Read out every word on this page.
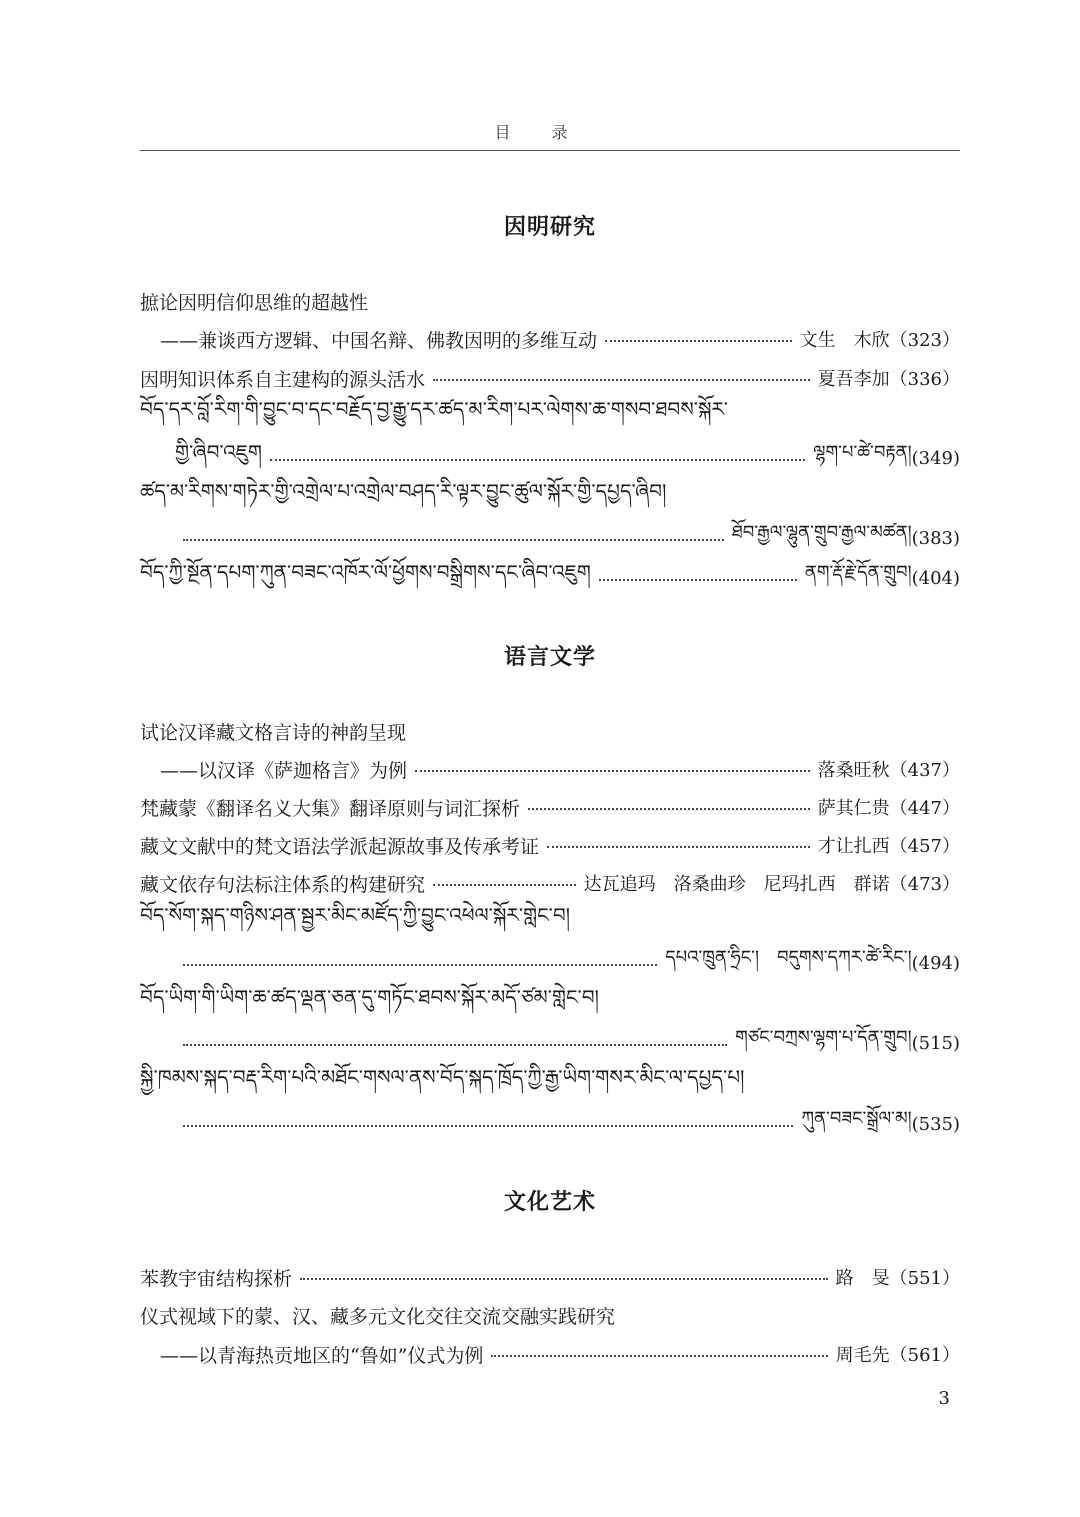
目 录
因明研究
摭论因明信仰思维的超越性
——兼谈西方逻辑、中国名辩、佛教因明的多维互动	文生　木欣 （323）
因明知识体系自主建构的源头活水	夏吾李加 （336）
བོད་དར་བློ་རིག་གི་བྱུང་བ་དང་བརྗོད་བྱ་རྒྱུ་དར་ཚད་མ་རིག་པར་ལེགས་ཆ་གསབ་ཐབས་སྐོར་
གྱི་ཞིབ་འཇུག	ལྷག་པ་ཚེ་བརྟན། (349)
ཚད་མ་རིགས་གཏེར་གྱི་འགྲེལ་པ་འགྲེལ་བཤད་རི་ལྟར་བྱུང་ཚུལ་སྐོར་གྱི་དཔྱད་ཞིབ།
ཐོབ་རྒྱལ་ལྷུན་གྲུབ་རྒྱལ་མཚན། (383)
བོད་ཀྱི་སྔོན་དཔག་ཀུན་བཟང་འཁོར་ལོ་ཕྱོགས་བསྒྲིགས་དང་ཞིབ་འཇུག	ནག་རྡོ་རྗེ་དོན་གྲུབ། (404)
语言文学
试论汉译藏文格言诗的神韵呈现
——以汉译《萨迦格言》为例	落桑旺秋 （437）
梵藏蒙《翻译名义大集》翻译原则与词汇探析	萨其仁贵 （447）
藏文文献中的梵文语法学派起源故事及传承考证	才让扎西 （457）
藏文依存句法标注体系的构建研究	达瓦追玛　洛桑曲珍　尼玛扎西　群诺 （473）
བོད་སོག་སྐད་གཉིས་ཤན་སྦྱར་མིང་མཛོད་ཀྱི་བྱུང་འཕེལ་སྐོར་གླེང་བ།
དཔའ་ཁྲུན་ཧྲིང་།　བདུགས་དཀར་ཚེ་རིང་། (494)
བོད་ཡིག་གི་ཡིག་ཆ་ཚད་ལྡན་ཅན་དུ་གཏོང་ཐབས་སྐོར་མདོ་ཙམ་གླེང་བ།
གཙང་བཀྲས་ལྷག་པ་དོན་གྲུབ། (515)
སྐྱི་ཁམས་སྐད་བརྡ་རིག་པའི་མཐོང་གསལ་ནས་བོད་སྐད་ཁྲོད་ཀྱི་རྒྱ་ཡིག་གསར་མིང་ལ་དཔྱད་པ།
ཀུན་བཟང་སྒྲོལ་མ། (535)
文化艺术
苯教宇宙结构探析	路　旻 （551）
仪式视域下的蒙、汉、藏多元文化交往交流交融实践研究
——以青海热贡地区的“鲁如”仪式为例	周毛先 （561）
3
